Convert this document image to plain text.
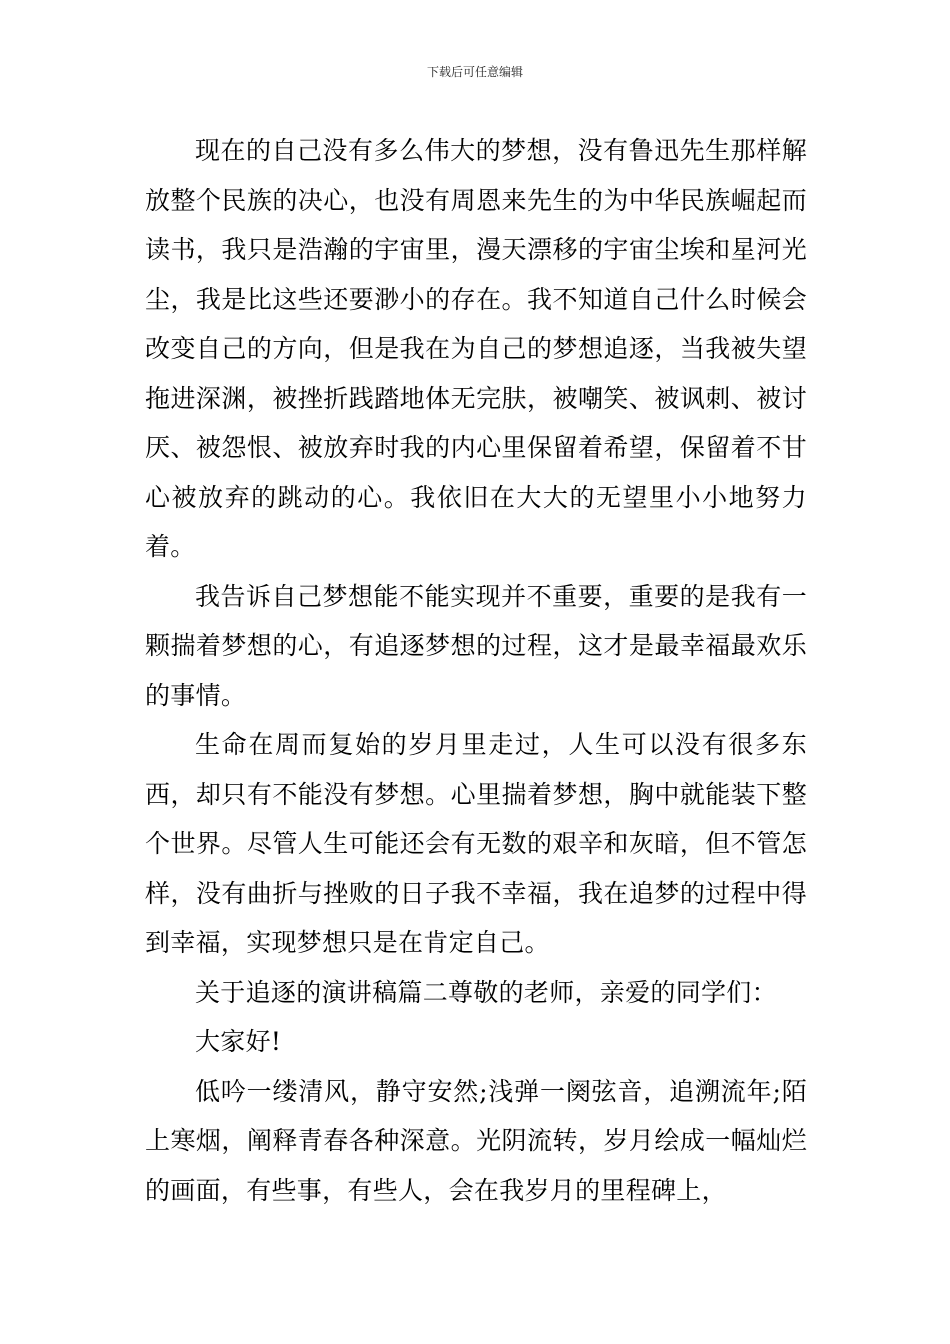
下载后可任意编辑

现在的自己没有多么伟大的梦想，没有鲁迅先生那样解放整个民族的决心，也没有周恩来先生的为中华民族崛起而读书，我只是浩瀚的宇宙里，漫天漂移的宇宙尘埃和星河光尘，我是比这些还要渺小的存在。我不知道自己什么时候会改变自己的方向，但是我在为自己的梦想追逐，当我被失望拖进深渊，被挫折践踏地体无完肤，被嘲笑、被讽刺、被讨厌、被怨恨、被放弃时我的内心里保留着希望，保留着不甘心被放弃的跳动的心。我依旧在大大的无望里小小地努力着。

我告诉自己梦想能不能实现并不重要，重要的是我有一颗揣着梦想的心，有追逐梦想的过程，这才是最幸福最欢乐的事情。

生命在周而复始的岁月里走过，人生可以没有很多东西，却只有不能没有梦想。心里揣着梦想，胸中就能装下整个世界。尽管人生可能还会有无数的艰辛和灰暗，但不管怎样，没有曲折与挫败的日子我不幸福，我在追梦的过程中得到幸福，实现梦想只是在肯定自己。

关于追逐的演讲稿篇二尊敬的老师，亲爱的同学们：

大家好!

低吟一缕清风，静守安然;浅弹一阕弦音，追溯流年;陌上寒烟，阐释青春各种深意。光阴流转，岁月绘成一幅灿烂的画面，有些事，有些人，会在我岁月的里程碑上，
